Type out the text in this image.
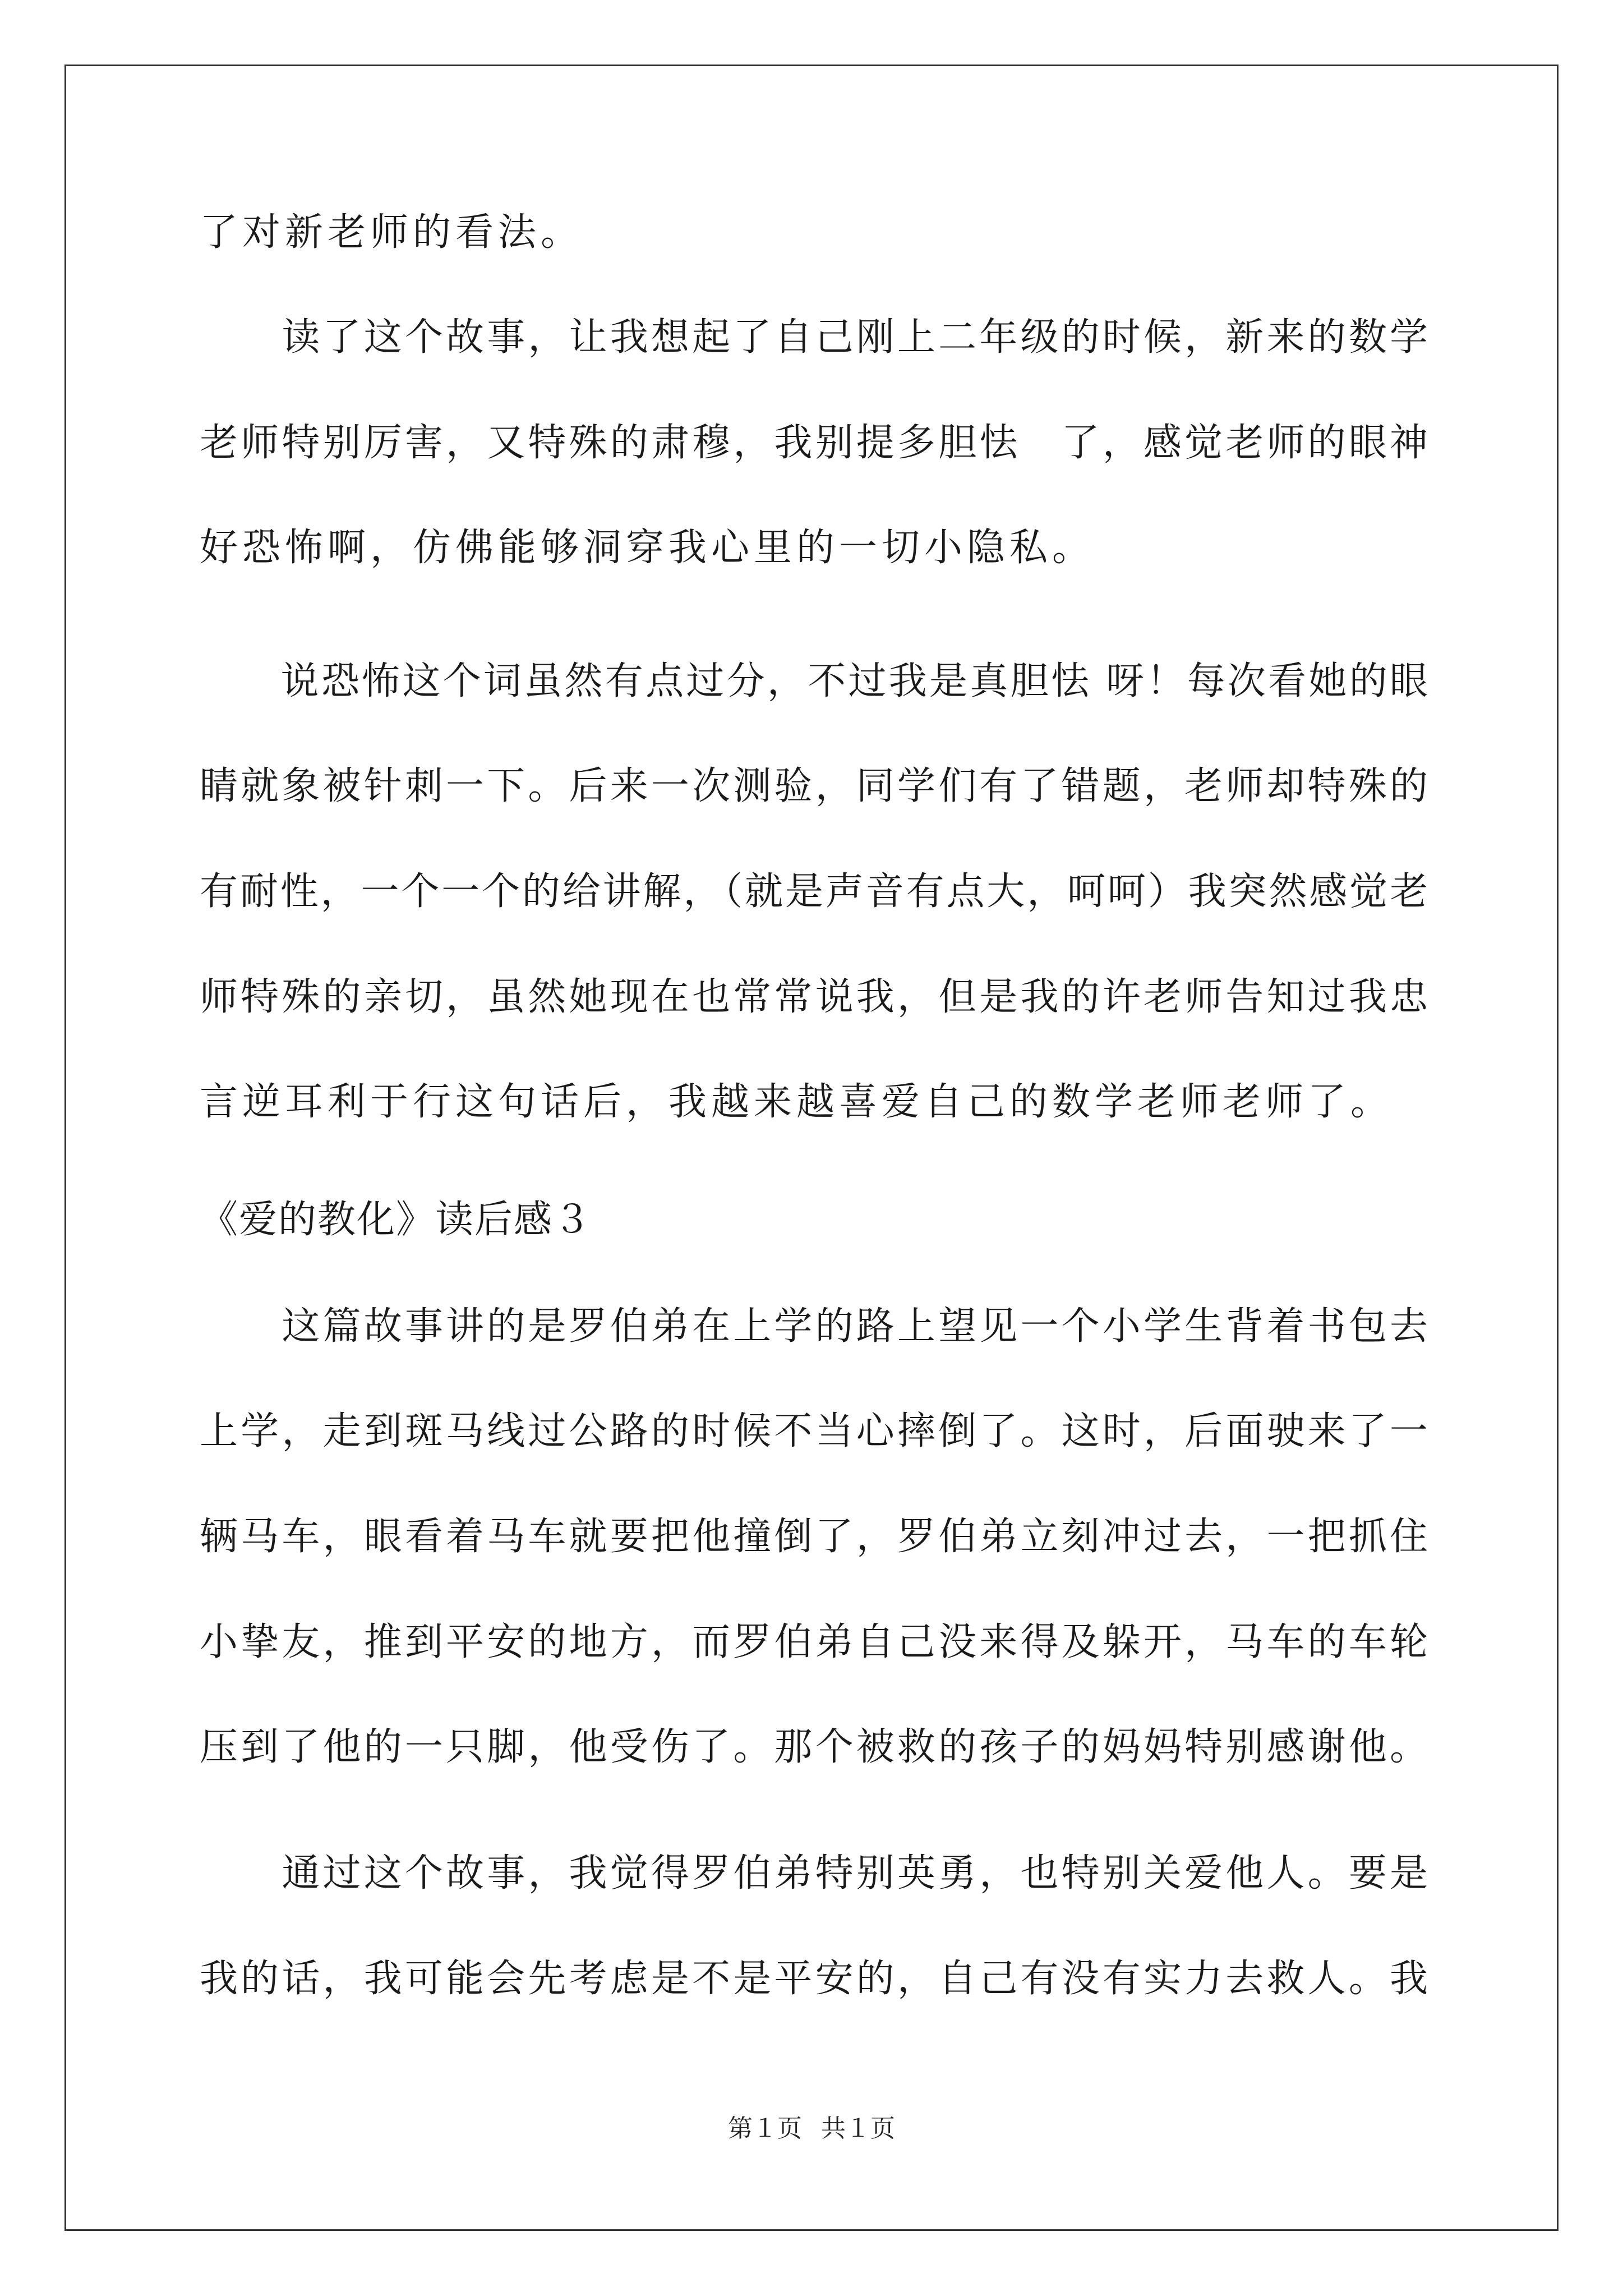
了对新老师的看法。
　　读了这个故事，让我想起了自己刚上二年级的时候，新来的数学
老师特别厉害，又特殊的肃穆，我别提多胆怯　了，感觉老师的眼神
好恐怖啊，仿佛能够洞穿我心里的一切小隐私。
　　说恐怖这个词虽然有点过分，不过我是真胆怯 呀！每次看她的眼
睛就象被针刺一下。后来一次测验，同学们有了错题，老师却特殊的
有耐性，一个一个的给讲解，（就是声音有点大，呵呵）我突然感觉老
师特殊的亲切，虽然她现在也常常说我，但是我的许老师告知过我忠
言逆耳利于行这句话后，我越来越喜爱自己的数学老师老师了。
《爱的教化》读后感３
　　这篇故事讲的是罗伯弟在上学的路上望见一个小学生背着书包去
上学，走到斑马线过公路的时候不当心摔倒了。这时，后面驶来了一
辆马车，眼看着马车就要把他撞倒了，罗伯弟立刻冲过去，一把抓住
小挚友，推到平安的地方，而罗伯弟自己没来得及躲开，马车的车轮
压到了他的一只脚，他受伤了。那个被救的孩子的妈妈特别感谢他。
　　通过这个故事，我觉得罗伯弟特别英勇，也特别关爱他人。要是
我的话，我可能会先考虑是不是平安的，自己有没有实力去救人。我
第１页 共１页
